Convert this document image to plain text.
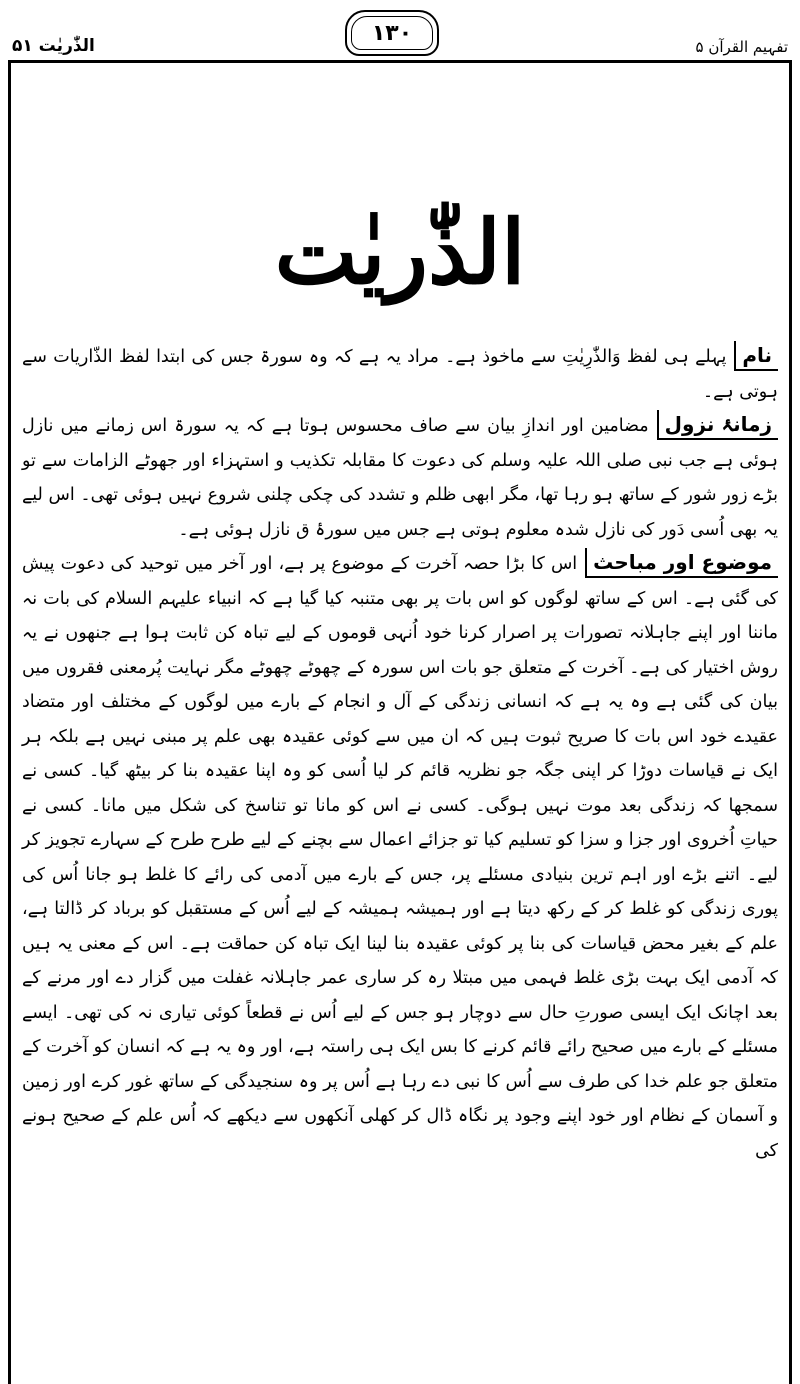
الذّٰریٰت ۵۱
۱۳۰
تفہیم القرآن ۵
الذّٰریٰت

نامپہلے ہی لفظ وَالذّٰرِیٰتِ سے ماخوذ ہے۔ مراد یہ ہے کہ وہ سورۃ جس کی ابتدا لفظ الذّاریات سے ہوتی ہے۔

زمانۂ نزولمضامین اور اندازِ بیان سے صاف محسوس ہوتا ہے کہ یہ سورۃ اس زمانے میں نازل ہوئی ہے جب نبی صلی اللہ علیہ وسلم کی دعوت کا مقابلہ تکذیب و استہزاء اور جھوٹے الزامات سے تو بڑے زور شور کے ساتھ ہو رہا تھا، مگر ابھی ظلم و تشدد کی چکی چلنی شروع نہیں ہوئی تھی۔ اس لیے یہ بھی اُسی دَور کی نازل شدہ معلوم ہوتی ہے جس میں سورۂ ق نازل ہوئی ہے۔

موضوع اور مباحثاس کا بڑا حصہ آخرت کے موضوع پر ہے، اور آخر میں توحید کی دعوت پیش کی گئی ہے۔ اس کے ساتھ لوگوں کو اس بات پر بھی متنبہ کیا گیا ہے کہ انبیاء علیہم السلام کی بات نہ ماننا اور اپنے جاہلانہ تصورات پر اصرار کرنا خود اُنہی قوموں کے لیے تباہ کن ثابت ہوا ہے جنھوں نے یہ روش اختیار کی ہے۔ آخرت کے متعلق جو بات اس سورہ کے چھوٹے چھوٹے مگر نہایت پُرمعنی فقروں میں بیان کی گئی ہے وہ یہ ہے کہ انسانی زندگی کے آل و انجام کے بارے میں لوگوں کے مختلف اور متضاد عقیدے خود اس بات کا صریح ثبوت ہیں کہ ان میں سے کوئی عقیدہ بھی علم پر مبنی نہیں ہے بلکہ ہر ایک نے قیاسات دوڑا کر اپنی جگہ جو نظریہ قائم کر لیا اُسی کو وہ اپنا عقیدہ بنا کر بیٹھ گیا۔ کسی نے سمجھا کہ زندگی بعد موت نہیں ہوگی۔ کسی نے اس کو مانا تو تناسخ کی شکل میں مانا۔ کسی نے حیاتِ اُخروی اور جزا و سزا کو تسلیم کیا تو جزائے اعمال سے بچنے کے لیے طرح طرح کے سہارے تجویز کر لیے۔ اتنے بڑے اور اہم ترین بنیادی مسئلے پر، جس کے بارے میں آدمی کی رائے کا غلط ہو جانا اُس کی پوری زندگی کو غلط کر کے رکھ دیتا ہے اور ہمیشہ ہمیشہ کے لیے اُس کے مستقبل کو برباد کر ڈالتا ہے، علم کے بغیر محض قیاسات کی بنا پر کوئی عقیدہ بنا لینا ایک تباہ کن حماقت ہے۔ اس کے معنی یہ ہیں کہ آدمی ایک بہت بڑی غلط فہمی میں مبتلا رہ کر ساری عمر جاہلانہ غفلت میں گزار دے اور مرنے کے بعد اچانک ایک ایسی صورتِ حال سے دوچار ہو جس کے لیے اُس نے قطعاً کوئی تیاری نہ کی تھی۔ ایسے مسئلے کے بارے میں صحیح رائے قائم کرنے کا بس ایک ہی راستہ ہے، اور وہ یہ ہے کہ انسان کو آخرت کے متعلق جو علم خدا کی طرف سے اُس کا نبی دے رہا ہے اُس پر وہ سنجیدگی کے ساتھ غور کرے اور زمین و آسمان کے نظام اور خود اپنے وجود پر نگاہ ڈال کر کھلی آنکھوں سے دیکھے کہ اُس علم کے صحیح ہونے کی
